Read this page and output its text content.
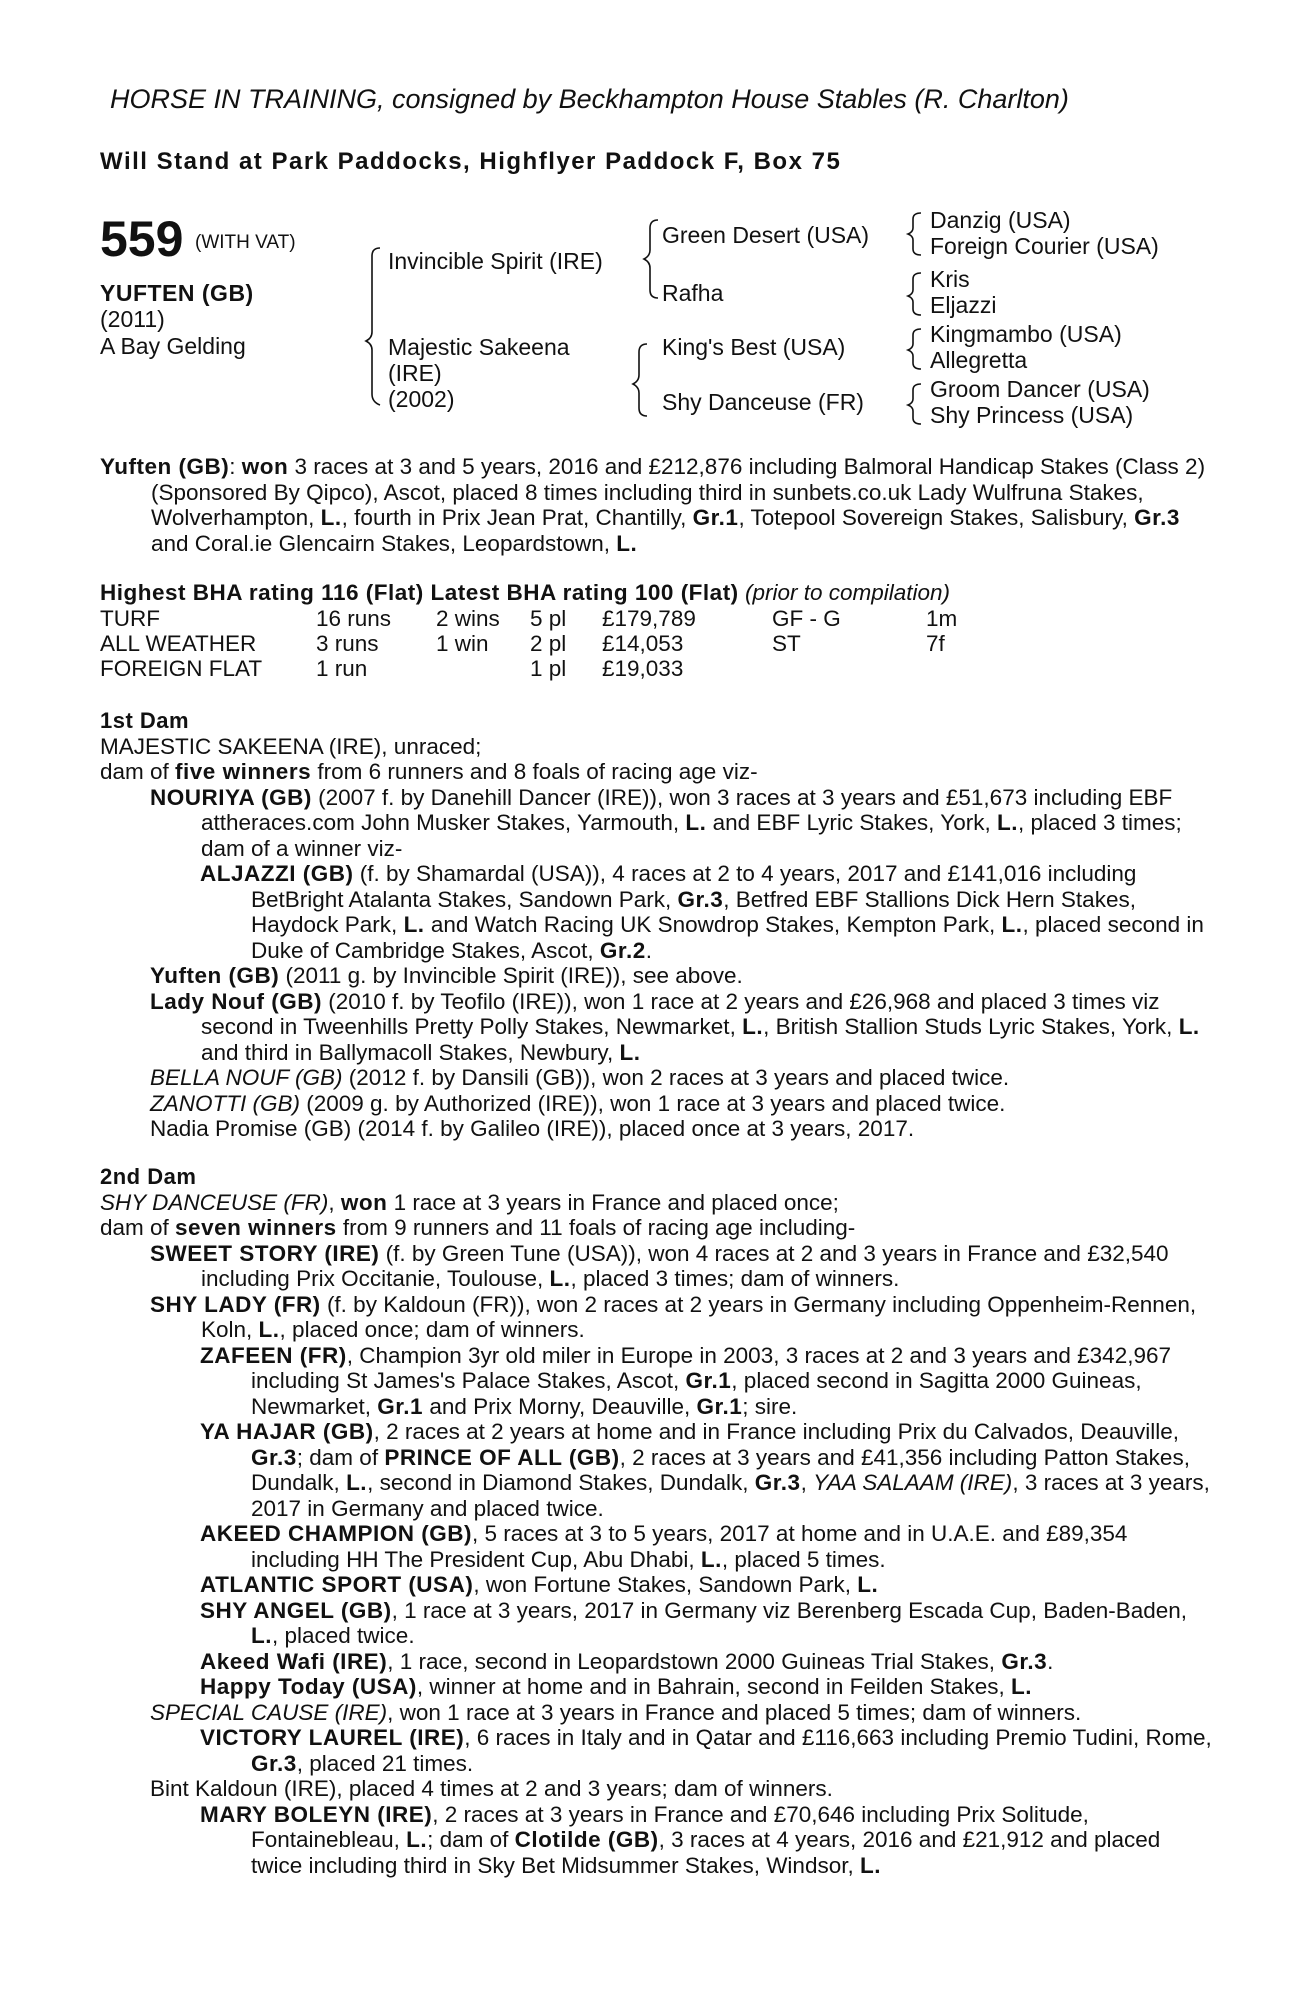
HORSE IN TRAINING, consigned by Beckhampton House Stables (R. Charlton)
Will Stand at Park Paddocks, Highflyer Paddock F, Box 75
559 (WITH VAT)
YUFTEN (GB)
(2011)
A Bay Gelding
Invincible Spirit (IRE)
Majestic Sakeena
(IRE)
(2002)
Green Desert (USA)
Rafha
King's Best (USA)
Shy Danceuse (FR)
Danzig (USA)
Foreign Courier (USA)
Kris
Eljazzi
Kingmambo (USA)
Allegretta
Groom Dancer (USA)
Shy Princess (USA)

Yuften (GB): won 3 races at 3 and 5 years, 2016 and £212,876 including Balmoral Handicap Stakes (Class 2) (Sponsored By Qipco), Ascot, placed 8 times including third in sunbets.co.uk Lady Wulfruna Stakes, Wolverhampton, L., fourth in Prix Jean Prat, Chantilly, Gr.1, Totepool Sovereign Stakes, Salisbury, Gr.3 and Coral.ie Glencairn Stakes, Leopardstown, L.

Highest BHA rating 116 (Flat) Latest BHA rating 100 (Flat) (prior to compilation)
TURF	16 runs	2 wins	5 pl	£179,789	GF - G	1m
ALL WEATHER	3 runs	1 win	2 pl	£14,053	ST	7f
FOREIGN FLAT	1 run		1 pl	£19,033		
1st Dam

MAJESTIC SAKEENA (IRE), unraced;

dam of five winners from 6 runners and 8 foals of racing age viz-

NOURIYA (GB) (2007 f. by Danehill Dancer (IRE)), won 3 races at 3 years and £51,673 including EBF attheraces.com John Musker Stakes, Yarmouth, L. and EBF Lyric Stakes, York, L., placed 3 times; dam of a winner viz-

ALJAZZI (GB) (f. by Shamardal (USA)), 4 races at 2 to 4 years, 2017 and £141,016 including BetBright Atalanta Stakes, Sandown Park, Gr.3, Betfred EBF Stallions Dick Hern Stakes, Haydock Park, L. and Watch Racing UK Snowdrop Stakes, Kempton Park, L., placed second in Duke of Cambridge Stakes, Ascot, Gr.2.

Yuften (GB) (2011 g. by Invincible Spirit (IRE)), see above.

Lady Nouf (GB) (2010 f. by Teofilo (IRE)), won 1 race at 2 years and £26,968 and placed 3 times viz second in Tweenhills Pretty Polly Stakes, Newmarket, L., British Stallion Studs Lyric Stakes, York, L. and third in Ballymacoll Stakes, Newbury, L.

BELLA NOUF (GB) (2012 f. by Dansili (GB)), won 2 races at 3 years and placed twice.

ZANOTTI (GB) (2009 g. by Authorized (IRE)), won 1 race at 3 years and placed twice.

Nadia Promise (GB) (2014 f. by Galileo (IRE)), placed once at 3 years, 2017.

2nd Dam

SHY DANCEUSE (FR), won 1 race at 3 years in France and placed once;

dam of seven winners from 9 runners and 11 foals of racing age including-

SWEET STORY (IRE) (f. by Green Tune (USA)), won 4 races at 2 and 3 years in France and £32,540 including Prix Occitanie, Toulouse, L., placed 3 times; dam of winners.

SHY LADY (FR) (f. by Kaldoun (FR)), won 2 races at 2 years in Germany including Oppenheim-Rennen, Koln, L., placed once; dam of winners.

ZAFEEN (FR), Champion 3yr old miler in Europe in 2003, 3 races at 2 and 3 years and £342,967 including St James's Palace Stakes, Ascot, Gr.1, placed second in Sagitta 2000 Guineas, Newmarket, Gr.1 and Prix Morny, Deauville, Gr.1; sire.

YA HAJAR (GB), 2 races at 2 years at home and in France including Prix du Calvados, Deauville, Gr.3; dam of PRINCE OF ALL (GB), 2 races at 3 years and £41,356 including Patton Stakes, Dundalk, L., second in Diamond Stakes, Dundalk, Gr.3, YAA SALAAM (IRE), 3 races at 3 years, 2017 in Germany and placed twice.

AKEED CHAMPION (GB), 5 races at 3 to 5 years, 2017 at home and in U.A.E. and £89,354 including HH The President Cup, Abu Dhabi, L., placed 5 times.

ATLANTIC SPORT (USA), won Fortune Stakes, Sandown Park, L.

SHY ANGEL (GB), 1 race at 3 years, 2017 in Germany viz Berenberg Escada Cup, Baden-Baden, L., placed twice.

Akeed Wafi (IRE), 1 race, second in Leopardstown 2000 Guineas Trial Stakes, Gr.3.

Happy Today (USA), winner at home and in Bahrain, second in Feilden Stakes, L.

SPECIAL CAUSE (IRE), won 1 race at 3 years in France and placed 5 times; dam of winners.

VICTORY LAUREL (IRE), 6 races in Italy and in Qatar and £116,663 including Premio Tudini, Rome, Gr.3, placed 21 times.

Bint Kaldoun (IRE), placed 4 times at 2 and 3 years; dam of winners.

MARY BOLEYN (IRE), 2 races at 3 years in France and £70,646 including Prix Solitude, Fontainebleau, L.; dam of Clotilde (GB), 3 races at 4 years, 2016 and £21,912 and placed twice including third in Sky Bet Midsummer Stakes, Windsor, L.
